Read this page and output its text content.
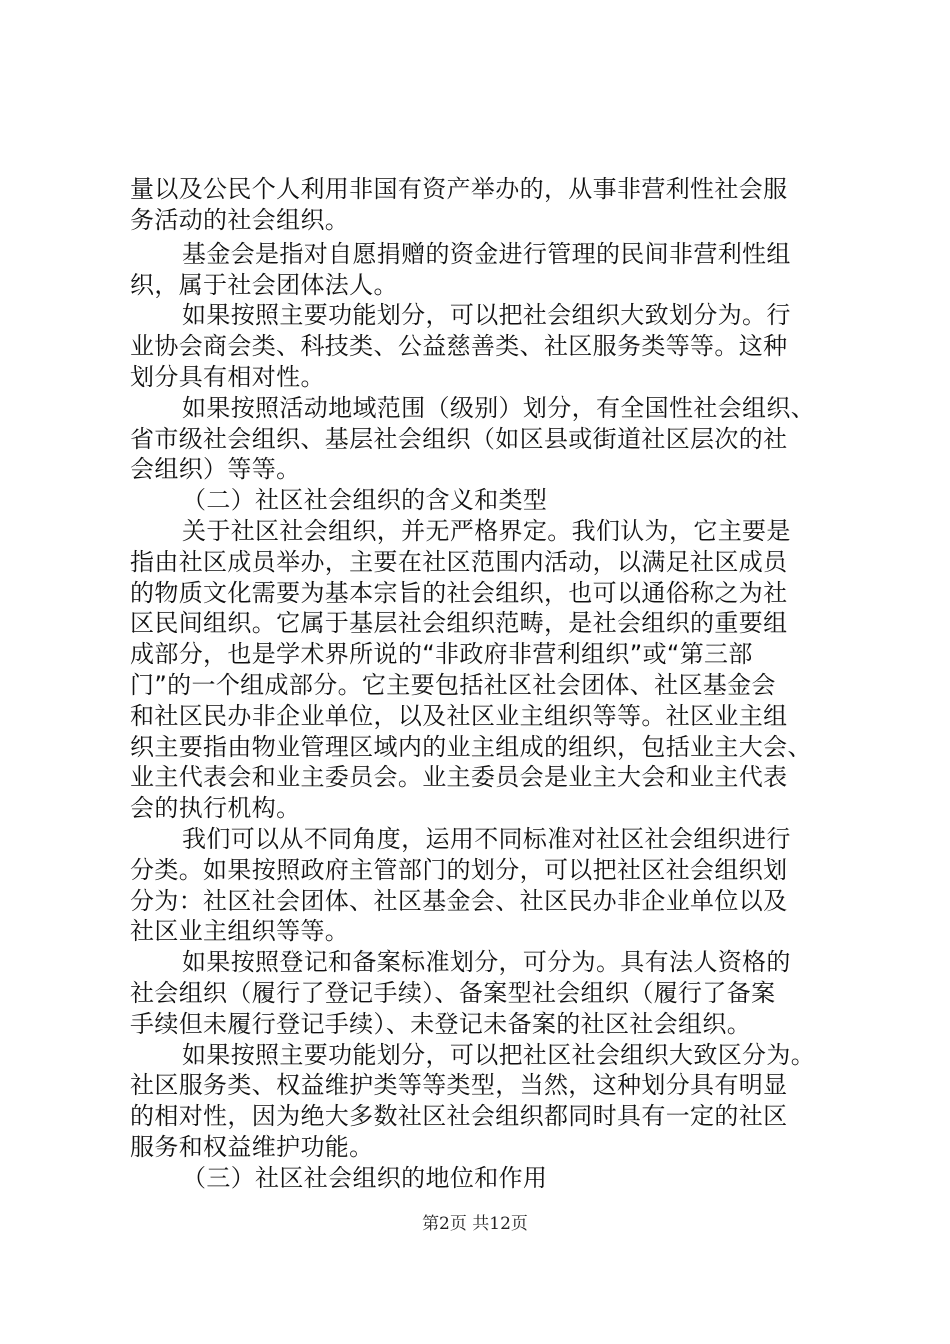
量以及公民个人利用非国有资产举办的，从事非营利性社会服
务活动的社会组织。
基金会是指对自愿捐赠的资金进行管理的民间非营利性组
织，属于社会团体法人。
如果按照主要功能划分，可以把社会组织大致划分为。行
业协会商会类、科技类、公益慈善类、社区服务类等等。这种
划分具有相对性。
如果按照活动地域范围（级别）划分，有全国性社会组织、
省市级社会组织、基层社会组织（如区县或街道社区层次的社
会组织）等等。
（二）社区社会组织的含义和类型
关于社区社会组织，并无严格界定。我们认为，它主要是
指由社区成员举办，主要在社区范围内活动，以满足社区成员
的物质文化需要为基本宗旨的社会组织，也可以通俗称之为社
区民间组织。它属于基层社会组织范畴，是社会组织的重要组
成部分，也是学术界所说的“非政府非营利组织”或“第三部
门”的一个组成部分。它主要包括社区社会团体、社区基金会
和社区民办非企业单位，以及社区业主组织等等。社区业主组
织主要指由物业管理区域内的业主组成的组织，包括业主大会、
业主代表会和业主委员会。业主委员会是业主大会和业主代表
会的执行机构。
我们可以从不同角度，运用不同标准对社区社会组织进行
分类。如果按照政府主管部门的划分，可以把社区社会组织划
分为：社区社会团体、社区基金会、社区民办非企业单位以及
社区业主组织等等。
如果按照登记和备案标准划分，可分为。具有法人资格的
社会组织（履行了登记手续）、备案型社会组织（履行了备案
手续但未履行登记手续）、未登记未备案的社区社会组织。
如果按照主要功能划分，可以把社区社会组织大致区分为。
社区服务类、权益维护类等等类型，当然，这种划分具有明显
的相对性，因为绝大多数社区社会组织都同时具有一定的社区
服务和权益维护功能。
（三）社区社会组织的地位和作用
第2页 共12页
